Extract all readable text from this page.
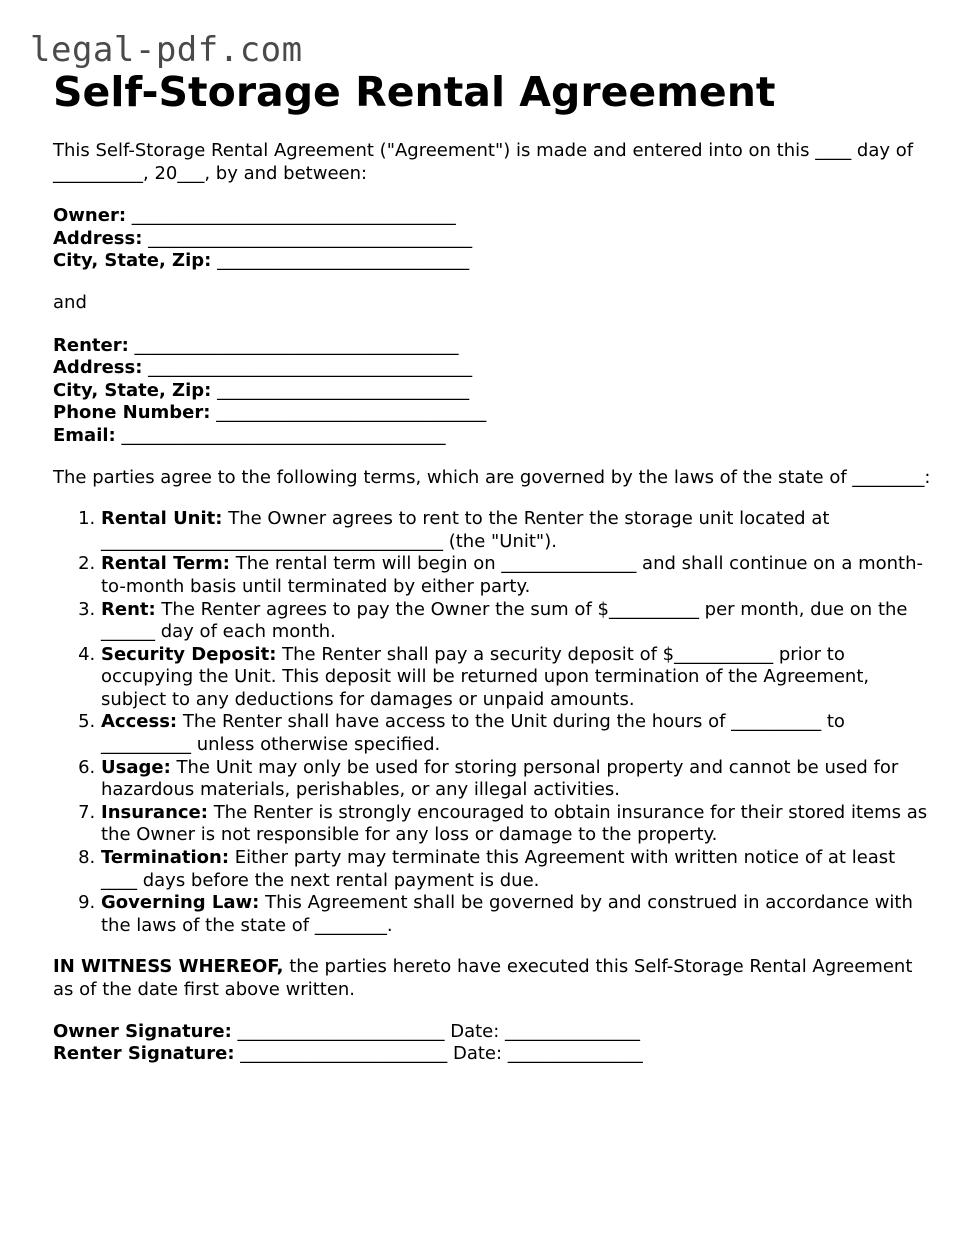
legal-pdf.com
Self-Storage Rental Agreement

This Self-Storage Rental Agreement ("Agreement") is made and entered into on this ____ day of __________, 20___, by and between:

Owner: ____________________________________
Address: ____________________________________
City, State, Zip: ____________________________

and

Renter: ____________________________________
Address: ____________________________________
City, State, Zip: ____________________________
Phone Number: ______________________________
Email: ____________________________________

The parties agree to the following terms, which are governed by the laws of the state of ________:

1. Rental Unit: The Owner agrees to rent to the Renter the storage unit located at ______________________________________ (the "Unit").
2. Rental Term: The rental term will begin on _______________ and shall continue on a month-to-month basis until terminated by either party.
3. Rent: The Renter agrees to pay the Owner the sum of $__________ per month, due on the ______ day of each month.
4. Security Deposit: The Renter shall pay a security deposit of $___________ prior to occupying the Unit. This deposit will be returned upon termination of the Agreement, subject to any deductions for damages or unpaid amounts.
5. Access: The Renter shall have access to the Unit during the hours of __________ to __________ unless otherwise specified.
6. Usage: The Unit may only be used for storing personal property and cannot be used for hazardous materials, perishables, or any illegal activities.
7. Insurance: The Renter is strongly encouraged to obtain insurance for their stored items as the Owner is not responsible for any loss or damage to the property.
8. Termination: Either party may terminate this Agreement with written notice of at least ____ days before the next rental payment is due.
9. Governing Law: This Agreement shall be governed by and construed in accordance with the laws of the state of ________.

IN WITNESS WHEREOF, the parties hereto have executed this Self-Storage Rental Agreement as of the date first above written.

Owner Signature: _______________________ Date: _______________
Renter Signature: _______________________ Date: _______________
